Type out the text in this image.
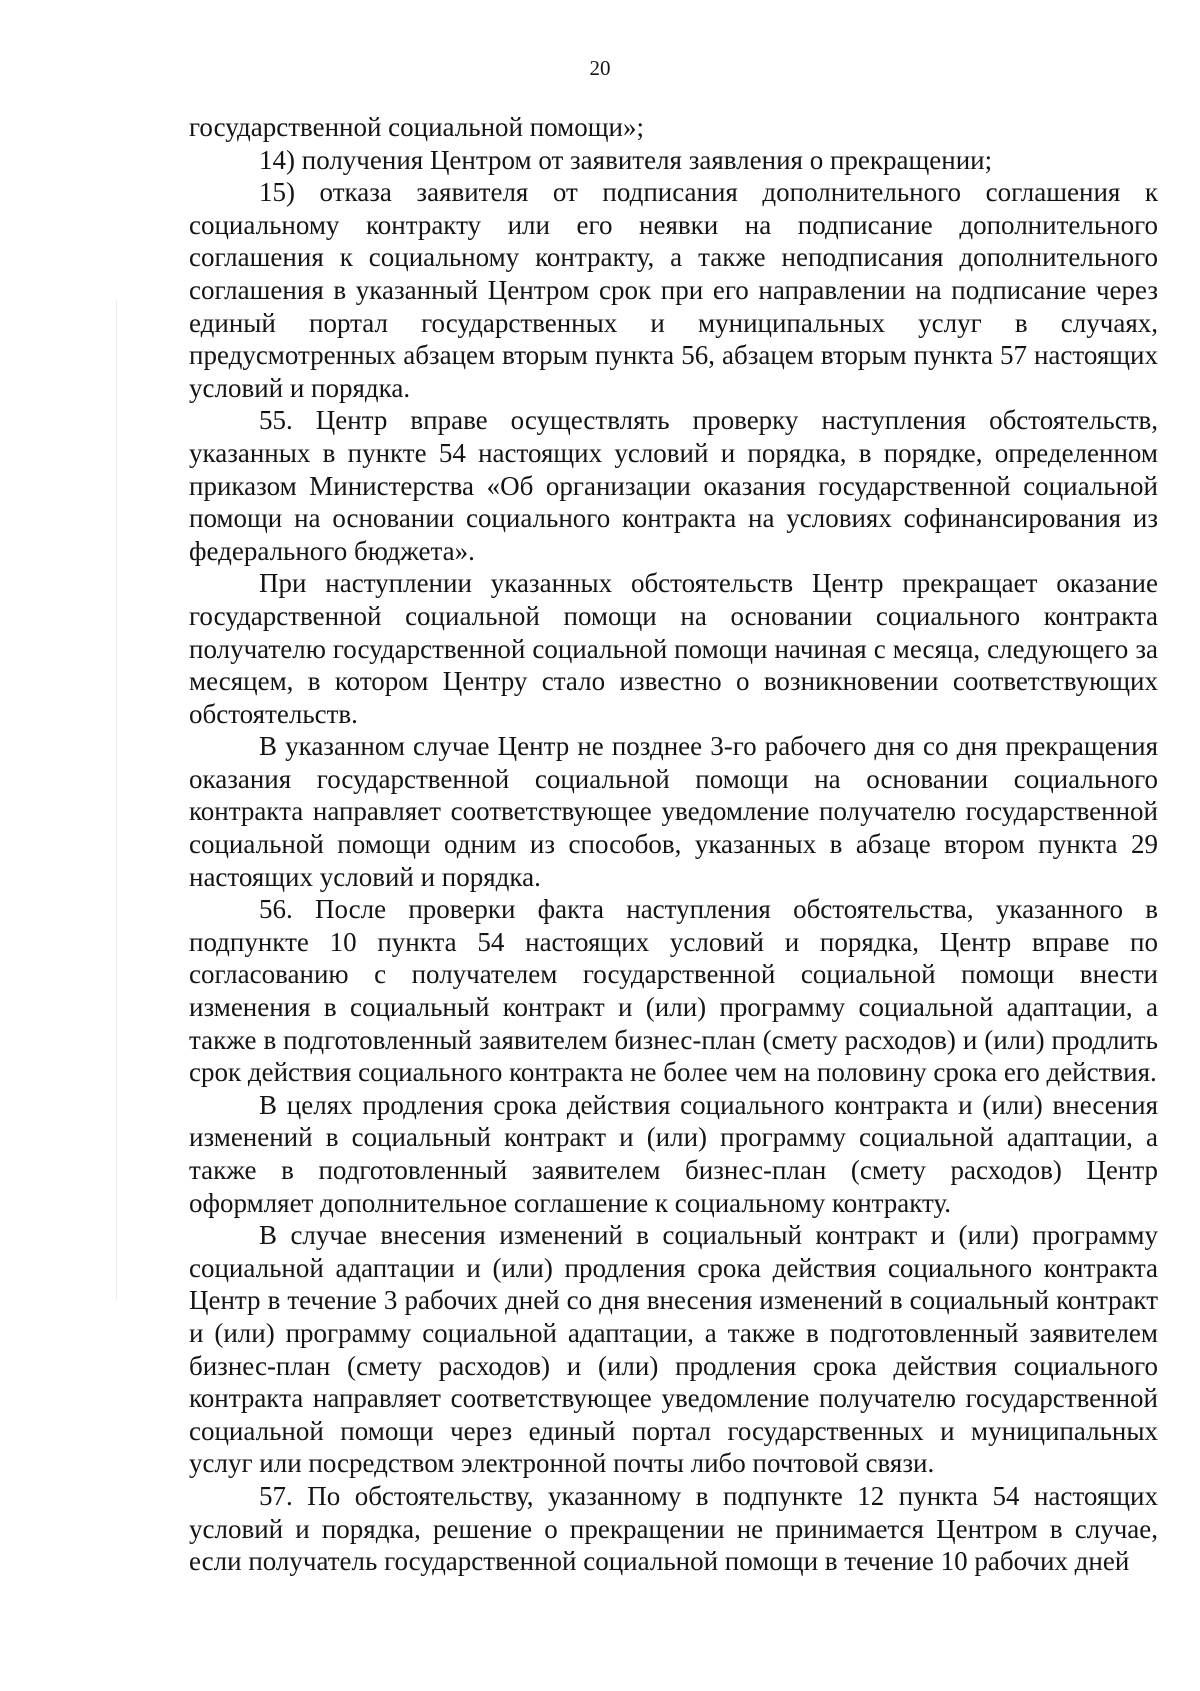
20

государственной социальной помощи»;

14) получения Центром от заявителя заявления о прекращении;

15) отказа заявителя от подписания дополнительного соглашения к социальному контракту или его неявки на подписание дополнительного соглашения к социальному контракту, а также неподписания дополнительного соглашения в указанный Центром срок при его направлении на подписание через единый портал государственных и муниципальных услуг в случаях, предусмотренных абзацем вторым пункта 56, абзацем вторым пункта 57 настоящих условий и порядка.

55. Центр вправе осуществлять проверку наступления обстоятельств, указанных в пункте 54 настоящих условий и порядка, в порядке, определенном приказом Министерства «Об организации оказания государственной социальной помощи на основании социального контракта на условиях софинансирования из федерального бюджета».

При наступлении указанных обстоятельств Центр прекращает оказание государственной социальной помощи на основании социального контракта получателю государственной социальной помощи начиная с месяца, следующего за месяцем, в котором Центру стало известно о возникновении соответствующих обстоятельств.

В указанном случае Центр не позднее 3-го рабочего дня со дня прекращения оказания государственной социальной помощи на основании социального контракта направляет соответствующее уведомление получателю государственной социальной помощи одним из способов, указанных в абзаце втором пункта 29 настоящих условий и порядка.

56. После проверки факта наступления обстоятельства, указанного в подпункте 10 пункта 54 настоящих условий и порядка, Центр вправе по согласованию с получателем государственной социальной помощи внести изменения в социальный контракт и (или) программу социальной адаптации, а также в подготовленный заявителем бизнес-план (смету расходов) и (или) продлить срок действия социального контракта не более чем на половину срока его действия.

В целях продления срока действия социального контракта и (или) внесения изменений в социальный контракт и (или) программу социальной адаптации, а также в подготовленный заявителем бизнес-план (смету расходов) Центр оформляет дополнительное соглашение к социальному контракту.

В случае внесения изменений в социальный контракт и (или) программу социальной адаптации и (или) продления срока действия социального контракта Центр в течение 3 рабочих дней со дня внесения изменений в социальный контракт и (или) программу социальной адаптации, а также в подготовленный заявителем бизнес-план (смету расходов) и (или) продления срока действия социального контракта направляет соответствующее уведомление получателю государственной социальной помощи через единый портал государственных и муниципальных услуг или посредством электронной почты либо почтовой связи.

57. По обстоятельству, указанному в подпункте 12 пункта 54 настоящих условий и порядка, решение о прекращении не принимается Центром в случае, если получатель государственной социальной помощи в течение 10 рабочих дней
